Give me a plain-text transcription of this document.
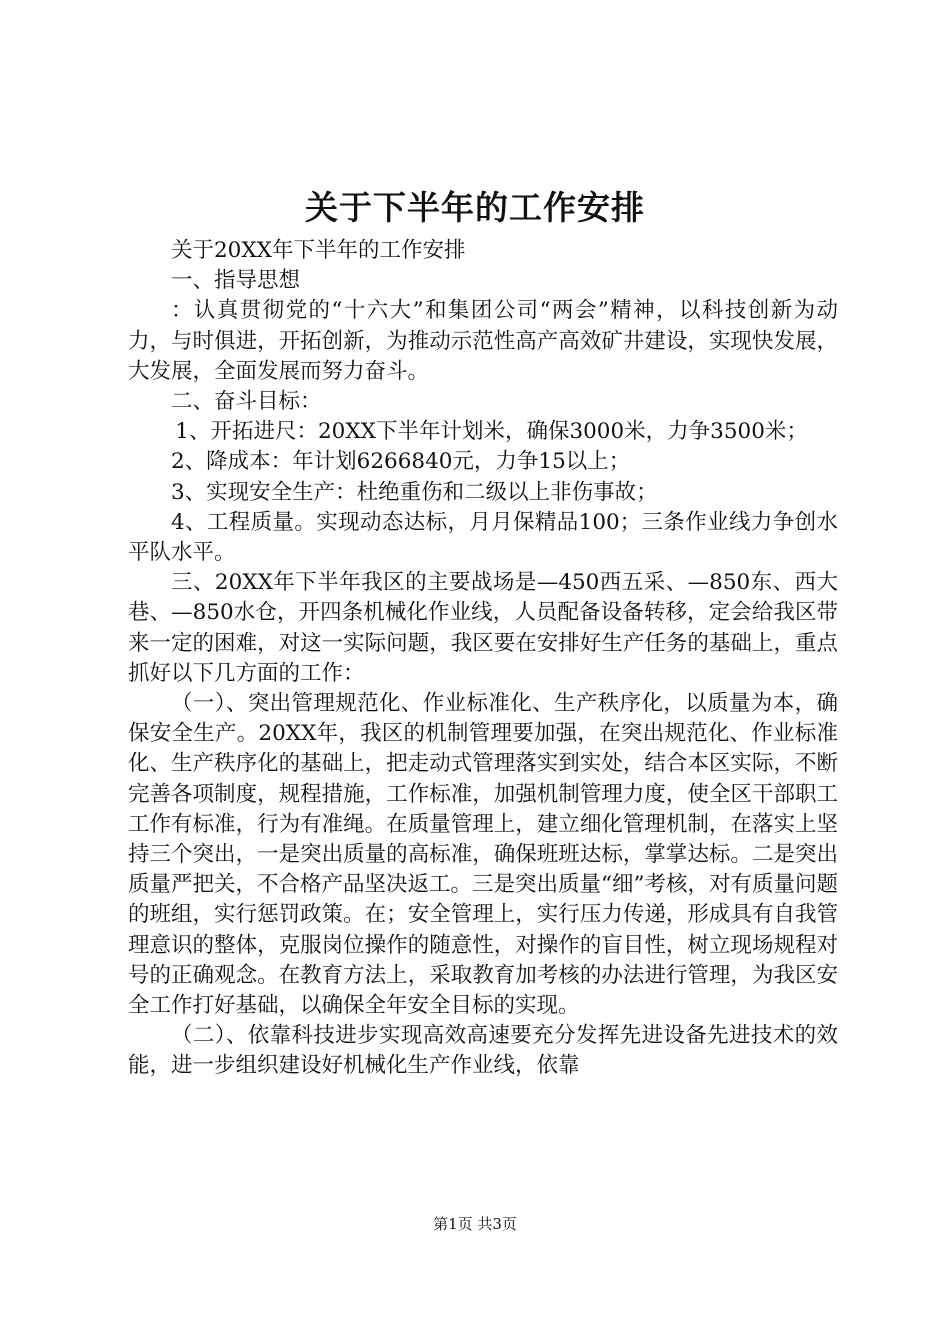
关于下半年的工作安排

关于20XX年下半年的工作安排

一、指导思想

：认真贯彻党的“十六大”和集团公司“两会”精神，以科技创新为动力，与时俱进，开拓创新，为推动示范性高产高效矿井建设，实现快发展，大发展，全面发展而努力奋斗。

二、奋斗目标：

1、开拓进尺：20XX下半年计划米，确保3000米，力争3500米；

2、降成本：年计划6266840元，力争15以上；

3、实现安全生产：杜绝重伤和二级以上非伤事故；

4、工程质量。实现动态达标，月月保精品100；三条作业线力争创水平队水平。

三、20XX年下半年我区的主要战场是—450西五采、—850东、西大巷、—850水仓，开四条机械化作业线，人员配备设备转移，定会给我区带来一定的困难，对这一实际问题，我区要在安排好生产任务的基础上，重点抓好以下几方面的工作：

（一）、突出管理规范化、作业标准化、生产秩序化，以质量为本，确保安全生产。20XX年，我区的机制管理要加强，在突出规范化、作业标准化、生产秩序化的基础上，把走动式管理落实到实处，结合本区实际，不断完善各项制度，规程措施，工作标准，加强机制管理力度，使全区干部职工工作有标准，行为有准绳。在质量管理上，建立细化管理机制，在落实上坚持三个突出，一是突出质量的高标准，确保班班达标，掌掌达标。二是突出质量严把关，不合格产品坚决返工。三是突出质量“细”考核，对有质量问题的班组，实行惩罚政策。在；安全管理上，实行压力传递，形成具有自我管理意识的整体，克服岗位操作的随意性，对操作的盲目性，树立现场规程对号的正确观念。在教育方法上，采取教育加考核的办法进行管理，为我区安全工作打好基础，以确保全年安全目标的实现。

（二）、依靠科技进步实现高效高速要充分发挥先进设备先进技术的效能，进一步组织建设好机械化生产作业线，依靠

第1页 共3页
